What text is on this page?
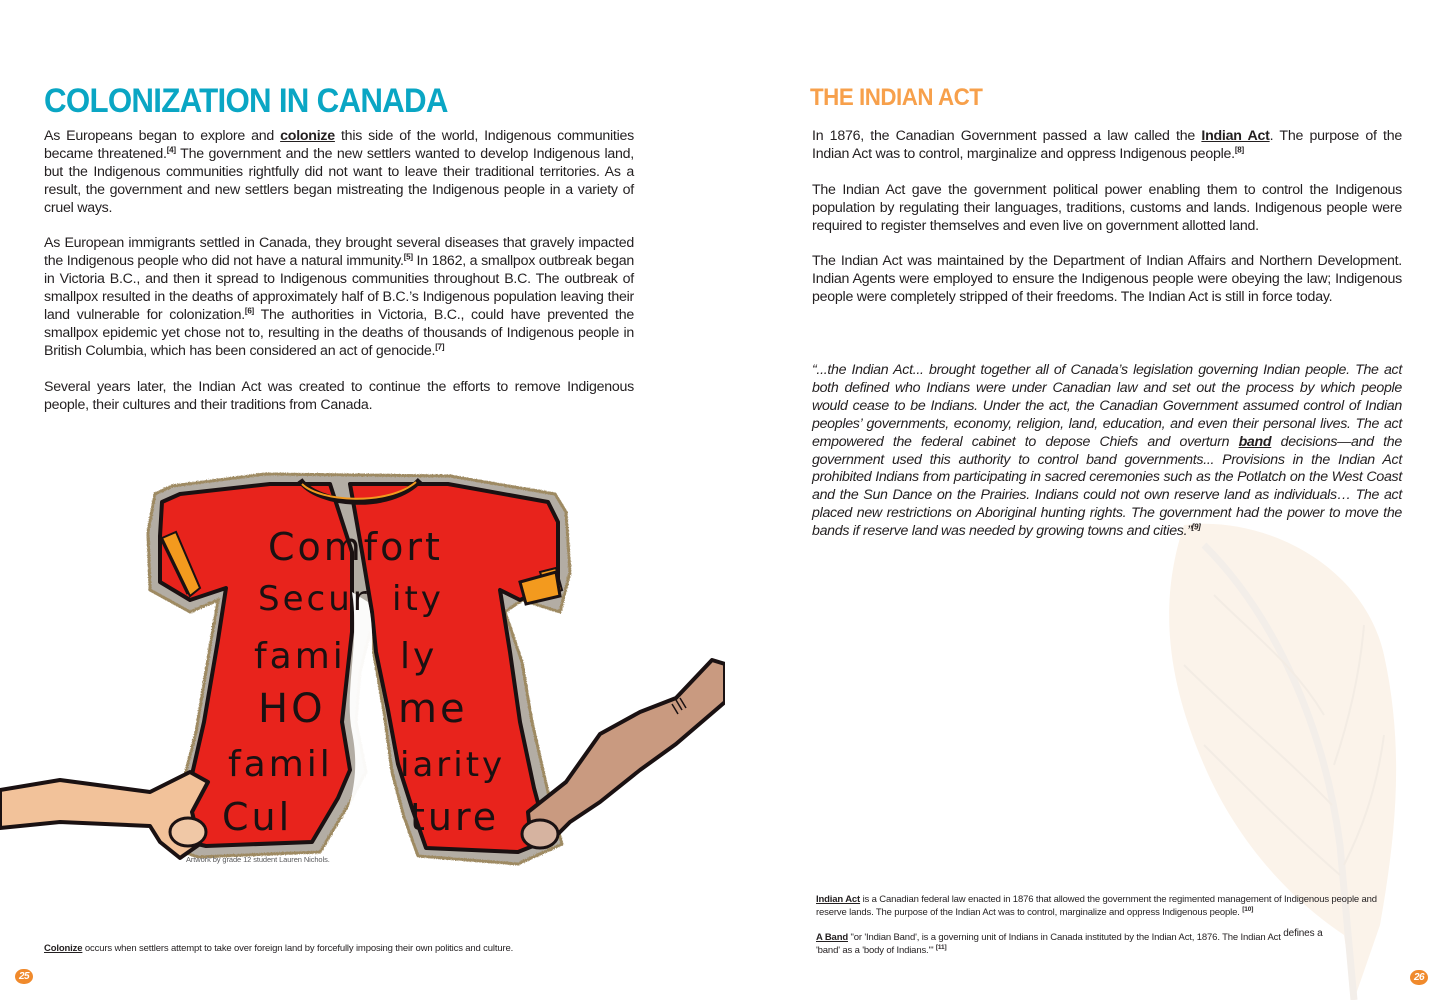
COLONIZATION IN CANADA

As Europeans began to explore and colonize this side of the world, Indigenous communities became threatened.[4] The government and the new settlers wanted to develop Indigenous land, but the Indigenous communities rightfully did not want to leave their traditional territories. As a result, the government and new settlers began mistreating the Indigenous people in a variety of cruel ways.

As European immigrants settled in Canada, they brought several diseases that gravely impacted the Indigenous people who did not have a natural immunity.[5] In 1862, a smallpox outbreak began in Victoria B.C., and then it spread to Indigenous communities throughout B.C. The outbreak of smallpox resulted in the deaths of approximately half of B.C.’s Indigenous population leaving their land vulnerable for colonization.[6] The authorities in Victoria, B.C., could have prevented the smallpox epidemic yet chose not to, resulting in the deaths of thousands of Indigenous people in British Columbia, which has been considered an act of genocide.[7]

Several years later, the Indian Act was created to continue the efforts to remove Indigenous people, their cultures and their traditions from Canada.

Comfort
Secur ity
fami ly
HO me
famil iarity
Cul	ture
Artwork by grade 12 student Lauren Nichols.
Colonize occurs when settlers attempt to take over foreign land by forcefully imposing their own politics and culture.
25
THE INDIAN ACT

In 1876, the Canadian Government passed a law called the Indian Act. The purpose of the Indian Act was to control, marginalize and oppress Indigenous people.[8]

The Indian Act gave the government political power enabling them to control the Indigenous population by regulating their languages, traditions, customs and lands. Indigenous people were required to register themselves and even live on government allotted land.

The Indian Act was maintained by the Department of Indian Affairs and Northern Development. Indian Agents were employed to ensure the Indigenous people were obeying the law; Indigenous people were completely stripped of their freedoms. The Indian Act is still in force today.

“...the Indian Act... brought together all of Canada’s legislation governing Indian people. The act both defined who Indians were under Canadian law and set out the process by which people would cease to be Indians. Under the act, the Canadian Government assumed control of Indian peoples’ governments, economy, religion, land, education, and even their personal lives. The act empowered the federal cabinet to depose Chiefs and overturn band decisions—and the government used this authority to control band governments... Provisions in the Indian Act prohibited Indians from participating in sacred ceremonies such as the Potlatch on the West Coast and the Sun Dance on the Prairies. Indians could not own reserve land as individuals… The act placed new restrictions on Aboriginal hunting rights. The government had the power to move the bands if reserve land was needed by growing towns and cities.”[9]
Indian Act is a Canadian federal law enacted in 1876 that allowed the government the regimented management of Indigenous people and reserve lands. The purpose of the Indian Act was to control, marginalize and oppress Indigenous people. [10]
A Band "or 'Indian Band', is a governing unit of Indians in Canada instituted by the Indian Act, 1876. The Indian Act defines a
'band' as a 'body of Indians.'" [11]
26
